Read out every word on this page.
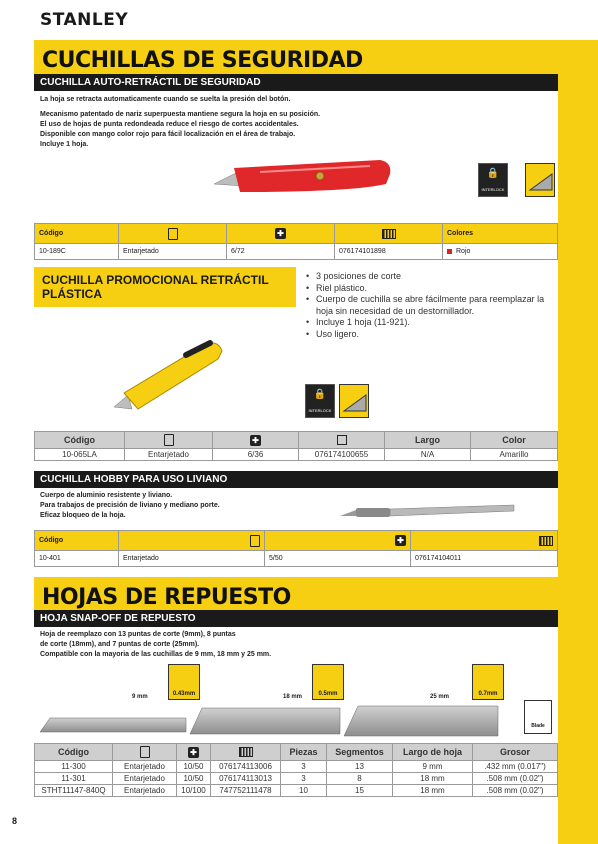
STANLEY
CUCHILLAS DE SEGURIDAD
CUCHILLA AUTO-RETRÁCTIL DE SEGURIDAD
La hoja se retracta automaticamente cuando se suelta la presión del botón.
Mecanismo patentado de nariz superpuesta mantiene segura la hoja en su posición.
El uso de hojas de punta redondeada reduce el riesgo de cortes accidentales.
Disponible con mango color rojo para fácil localización en el área de trabajo.
Incluye 1 hoja.
🔒
INTERLOCK
Código		✚		Colores
10-189C	Entarjetado	6/72	076174101898	Rojo
CUCHILLA PROMOCIONAL RETRÁCTIL
PLÁSTICA
• 3 posiciones de corte
• Riel plástico.
• Cuerpo de cuchilla se abre fácilmente para reemplazar la hoja sin necesidad de un destornillador.
• Incluye 1 hoja (11-921).
• Uso ligero.
🔒
INTERLOCK
Código		✚		Largo	Color
10-065LA	Entarjetado	6/36	076174100655	N/A	Amarillo
CUCHILLA HOBBY PARA USO LIVIANO
Cuerpo de aluminio resistente y liviano.
Para trabajos de precisión de liviano y mediano porte.
Eficaz bloqueo de la hoja.
Código		✚	
10-401	Entarjetado	5/50	076174104011
HOJAS DE REPUESTO
HOJA SNAP-OFF DE REPUESTO
Hoja de reemplazo con 13 puntas de corte (9mm), 8 puntas
de corte (18mm), and 7 puntas de corte (25mm).
Compatible con la mayoria de las cuchillas de 9 mm, 18 mm y 25 mm.
9 mm	0.43mm	18 mm	0.5mm	25 mm	0.7mm
Blade
Código		✚		Piezas	Segmentos	Largo de hoja	Grosor
11-300	Entarjetado	10/50	076174113006	3	13	9 mm	.432 mm (0.017")
11-301	Entarjetado	10/50	076174113013	3	8	18 mm	.508 mm (0.02")
STHT11147-840Q	Entarjetado	10/100	747752111478	10	15	18 mm	.508 mm (0.02")
8
